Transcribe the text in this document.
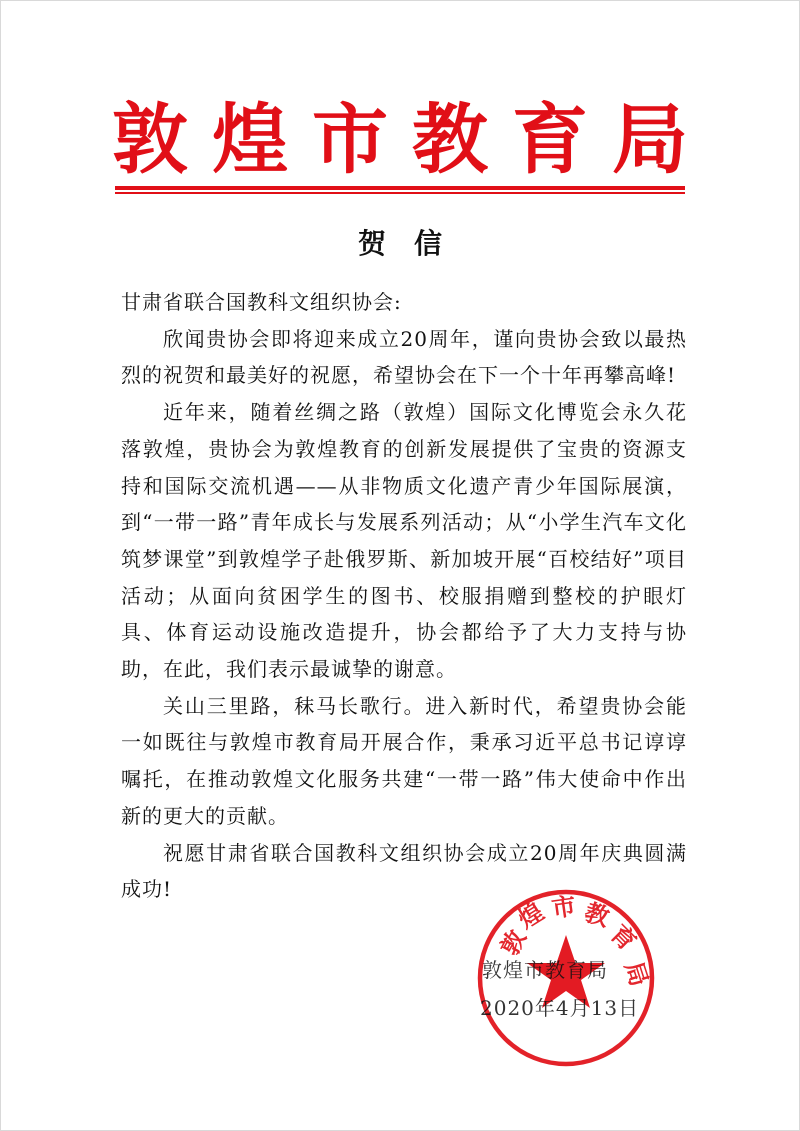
敦煌市教育局
贺信

甘肃省联合国教科文组织协会:

欣闻贵协会即将迎来成立20周年，谨向贵协会致以最热烈的祝贺和最美好的祝愿，希望协会在下一个十年再攀高峰!

近年来，随着丝绸之路（敦煌）国际文化博览会永久花落敦煌，贵协会为敦煌教育的创新发展提供了宝贵的资源支持和国际交流机遇——从非物质文化遗产青少年国际展演，到“一带一路”青年成长与发展系列活动；从“小学生汽车文化筑梦课堂”到敦煌学子赴俄罗斯、新加坡开展“百校结好”项目活动；从面向贫困学生的图书、校服捐赠到整校的护眼灯具、体育运动设施改造提升，协会都给予了大力支持与协助，在此，我们表示最诚挚的谢意。

关山三里路，秣马长歌行。进入新时代，希望贵协会能一如既往与敦煌市教育局开展合作，秉承习近平总书记谆谆嘱托，在推动敦煌文化服务共建“一带一路”伟大使命中作出新的更大的贡献。

祝愿甘肃省联合国教科文组织协会成立20周年庆典圆满成功!

敦
煌 市 教
育
局
敦煌市教育局
2020年4月13日
